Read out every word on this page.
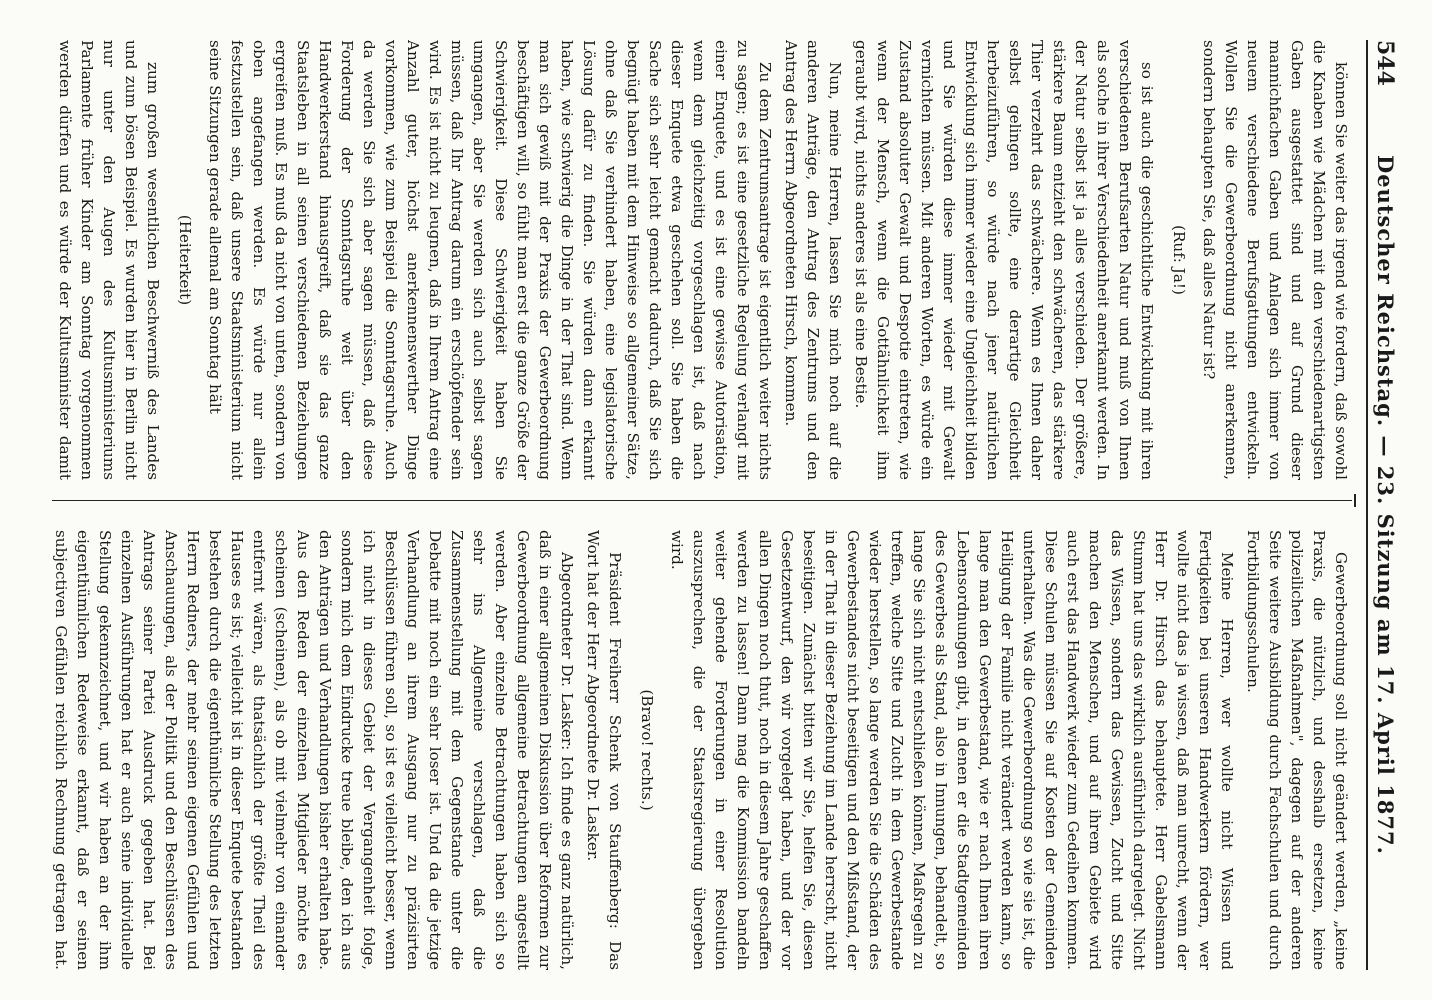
544
Deutscher Reichstag. — 23. Sitzung am 17. April 1877.

können Sie weiter das irgend wie fordern, daß sowohl die Knaben wie Mädchen mit den verschiedenartigsten Gaben ausgestattet sind und auf Grund dieser mannichfachen Gaben und Anlagen sich immer von neuem verschiedene Berufsgattungen entwickeln. Wollen Sie die Gewerbeordnung nicht anerkennen, sondern behaupten Sie, daß alles Natur ist?

(Ruf: Ja!)

so ist auch die geschichtliche Entwicklung mit ihren verschiedenen Berufsarten Natur und muß von Ihnen als solche in ihrer Verschiedenheit anerkannt werden. In der Natur selbst ist ja alles verschieden. Der größere, stärkere Baum entzieht den schwächeren, das stärkere Thier verzehrt das schwächere. Wenn es Ihnen daher selbst gelingen sollte, eine derartige Gleichheit herbeizuführen, so würde nach jener natürlichen Entwicklung sich immer wieder eine Ungleichheit bilden und Sie würden diese immer wieder mit Gewalt vernichten müssen. Mit anderen Worten, es würde ein Zustand absoluter Gewalt und Despotie eintreten, wie wenn der Mensch, wenn die Gottähnlichkeit ihm geraubt wird, nichts anderes ist als eine Bestie.

Nun, meine Herren, lassen Sie mich noch auf die anderen Anträge, den Antrag des Zentrums und den Antrag des Herrn Abgeordneten Hirsch, kommen.

Zu dem Zentrumsantrage ist eigentlich weiter nichts zu sagen; es ist eine gesetzliche Regelung verlangt mit einer Enquete, und es ist eine gewisse Autorisation, wenn dem gleichzeitig vorgeschlagen ist, daß nach dieser Enquete etwa geschehen soll. Sie haben die Sache sich sehr leicht gemacht dadurch, daß Sie sich begnügt haben mit dem Hinweise so allgemeiner Sätze, ohne daß Sie verhindert haben, eine legislatorische Lösung dafür zu finden. Sie würden dann erkannt haben, wie schwierig die Dinge in der That sind. Wenn man sich gewiß mit der Praxis der Gewerbeordnung beschäftigen will, so fühlt man erst die ganze Größe der Schwierigkeit. Diese Schwierigkeit haben Sie umgangen, aber Sie werden sich auch selbst sagen müssen, daß Ihr Antrag darum ein erschöpfender sein wird. Es ist nicht zu leugnen, daß in Ihrem Antrag eine Anzahl guter, höchst anerkennenswerther Dinge vorkommen, wie zum Beispiel die Sonntagsruhe. Auch da werden Sie sich aber sagen müssen, daß diese Forderung der Sonntagsruhe weit über den Handwerkerstand hinausgreift, daß sie das ganze Staatsleben in all seinen verschiedenen Beziehungen ergreifen muß. Es muß da nicht von unten, sondern von oben angefangen werden. Es würde nur allein festzustellen sein, daß unsere Staatsministerium nicht seine Sitzungen gerade allemal am Sonntag hält

(Heiterkeit)

zum großen wesentlichen Beschwerniß des Landes und zum bösen Beispiel. Es wurden hier in Berlin nicht nur unter den Augen des Kultusministeriums Parlamente früher Kinder am Sonntag vorgenommen werden dürfen und es würde der Kultusminister damit

Gewerbeordnung soll nicht geändert werden, „keine Praxis, die nützlich, und desshalb ersetzen, keine polizeilichen Maßnahmen", dagegen auf der anderen Seite weitere Ausbildung durch Fachschulen und durch Fortbildungsschulen.

Meine Herren, wer wollte nicht Wissen und Fertigkeiten bei unseren Handwerkern fördern, wer wollte nicht das ja wissen, daß man unrecht, wenn der Herr Dr. Hirsch das behauptete. Herr Gabelsmann Stumm hat uns das wirklich ausführlich dargelegt. Nicht das Wissen, sondern das Gewissen, Zucht und Sitte machen den Menschen, und auf ihrem Gebiete wird auch erst das Handwerk wieder zum Gedeihen kommen. Diese Schulen müssen Sie auf Kosten der Gemeinden unterhalten. Was die Gewerbeordnung so wie sie ist, die Heiligung der Familie nicht verändert werden kann, so lange man den Gewerbestand, wie er nach Ihnen ihren Lebensordnungen gibt, in denen er die Stadtgemeinden des Gewerbes als Stand, also in Innungen, behandelt, so lange Sie sich nicht entschließen können, Maßregeln zu treffen, welche Sitte und Zucht in dem Gewerbestande wieder herstellen, so lange werden Sie die Schäden des Gewerbestandes nicht beseitigen und den Mißstand, der in der That in dieser Beziehung im Lande herrscht, nicht beseitigen. Zunächst bitten wir Sie, helfen Sie, diesen Gesetzentwurf, den wir vorgelegt haben, und der vor allen Dingen noch thut, noch in diesem Jahre geschaffen werden zu lassen! Dann mag die Kommission bandeln weiter gehende Forderungen in einer Resolution auszusprechen, die der Staatsregierung übergeben wird.

(Bravo! rechts.)

Präsident Freiherr Schenk von Stauffenberg: Das Wort hat der Herr Abgeordnete Dr. Lasker.

Abgeordneter Dr. Lasker: Ich finde es ganz natürlich, daß in einer allgemeinen Diskussion über Reformen zur Gewerbeordnung allgemeine Betrachtungen angestellt werden. Aber einzelne Betrachtungen haben sich so sehr ins Allgemeine verschlagen, daß die Zusammenstellung mit dem Gegenstande unter die Debatte mit noch ein sehr loser ist. Und da die jetzige Verhandlung an ihrem Ausgang nur zu präzisirten Beschlüssen führen soll, so ist es vielleicht besser, wenn ich nicht in dieses Gebiet der Vergangenheit folge, sondern mich dem Eindrucke treue bleibe, den ich aus den Anträgen und Verhandlungen bisher erhalten habe. Aus den Reden der einzelnen Mitglieder möchte es scheinen (scheinen), als ob mit vielmehr von einander entfernt wären, als thatsächlich der größte Theil des Hauses es ist; vielleicht ist in dieser Enquete bestanden bestehen durch die eigenthümliche Stellung des letzten Herrn Redners, der mehr seinen eigenen Gefühlen und Anschauungen, als der Politik und den Beschlüssen des Antrags seiner Partei Ausdruck gegeben hat. Bei einzelnen Ausführungen hat er auch seine individuelle Stellung gekennzeichnet, und wir haben an der ihm eigenthümlichen Redeweise erkannt, daß er seinen subjectiven Gefühlen reichlich Rechnung getragen hat.
